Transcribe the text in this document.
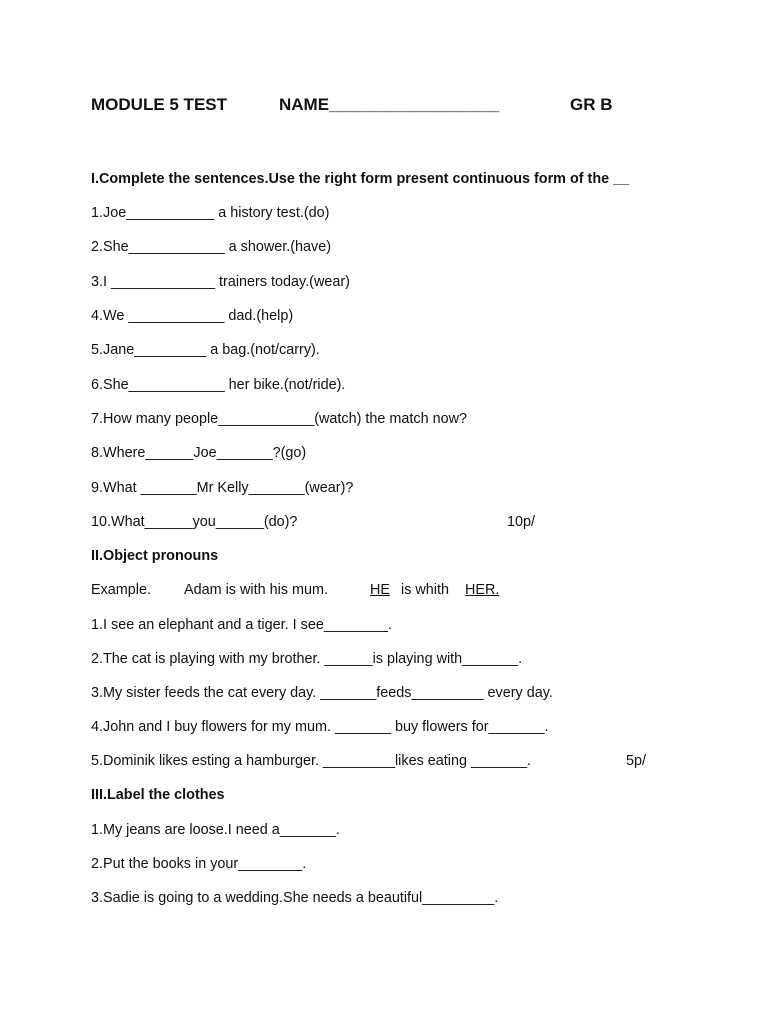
MODULE 5 TEST	NAME__________________	GR B
I.Complete the sentences.Use the right form present continuous form of the __
1.Joe___________ a history test.(do)
2.She____________ a shower.(have)
3.I _____________ trainers today.(wear)
4.We ____________ dad.(help)
5.Jane_________ a bag.(not/carry).
6.She____________ her bike.(not/ride).
7.How many people____________(watch) the match now?
8.Where______Joe_______?(go)
9.What _______Mr Kelly_______(wear)?
10.What______you______(do)?	10p/
II.Object pronouns
Example. Adam is with his mum.	HE is whith HER.
1.I see an elephant and a tiger. I see________.
2.The cat is playing with my brother. ______is playing with_______.
3.My sister feeds the cat every day. _______feeds_________ every day.
4.John and I buy flowers for my mum. _______ buy flowers for_______.
5.Dominik likes esting a hamburger. _________likes eating _______.	5p/
III.Label the clothes
1.My jeans are loose.I need a_______.
2.Put the books in your________.
3.Sadie is going to a wedding.She needs a beautiful_________.
